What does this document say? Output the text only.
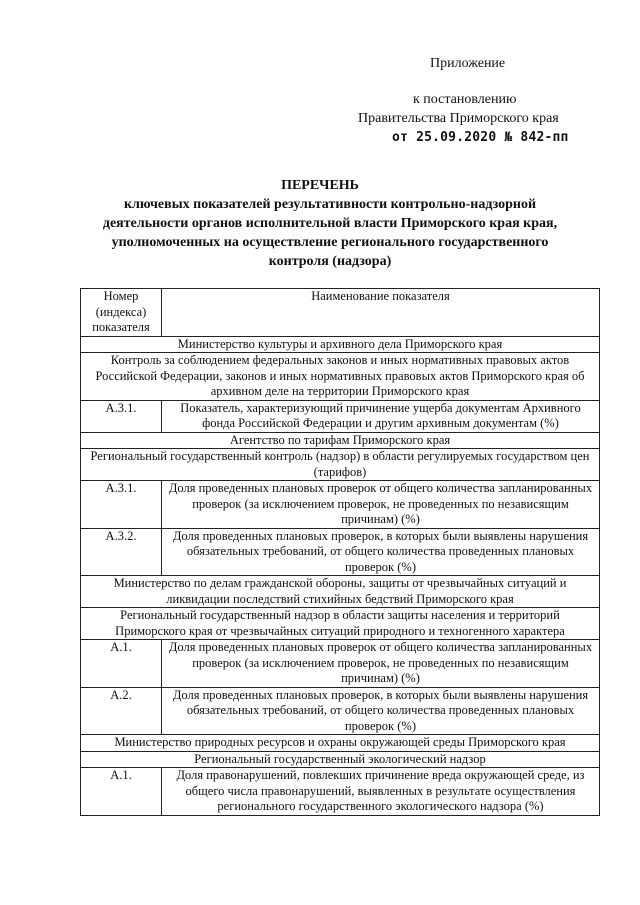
Приложение
к постановлению
Правительства Приморского края
от 25.09.2020 № 842-пп
ПЕРЕЧЕНЬ
ключевых показателей результативности контрольно-надзорной деятельности органов исполнительной власти Приморского края края, уполномоченных на осуществление регионального государственного контроля (надзора)
Номер (индекса) показателя	Наименование показателя
Министерство культуры и архивного дела Приморского края	
Контроль за соблюдением федеральных законов и иных нормативных правовых актов Российской Федерации, законов и иных нормативных правовых актов Приморского края об архивном деле на территории Приморского края	
А.3.1.	Показатель, характеризующий причинение ущерба документам Архивного фонда Российской Федерации и другим архивным документам (%)
Агентство по тарифам Приморского края	
Региональный государственный контроль (надзор) в области регулируемых государством цен (тарифов)	
А.3.1.	Доля проведенных плановых проверок от общего количества запланированных проверок (за исключением проверок, не проведенных по независящим причинам) (%)
А.3.2.	Доля проведенных плановых проверок, в которых были выявлены нарушения обязательных требований, от общего количества проведенных плановых проверок (%)
Министерство по делам гражданской обороны, защиты от чрезвычайных ситуаций и ликвидации последствий стихийных бедствий Приморского края	
Региональный государственный надзор в области защиты населения и территорий Приморского края от чрезвычайных ситуаций природного и техногенного характера	
А.1.	Доля проведенных плановых проверок от общего количества запланированных проверок (за исключением проверок, не проведенных по независящим причинам) (%)
А.2.	Доля проведенных плановых проверок, в которых были выявлены нарушения обязательных требований, от общего количества проведенных плановых проверок (%)
Министерство природных ресурсов и охраны окружающей среды Приморского края	
Региональный государственный экологический надзор	
А.1.	Доля правонарушений, повлекших причинение вреда окружающей среде, из общего числа правонарушений, выявленных в результате осуществления регионального государственного экологического надзора (%)
